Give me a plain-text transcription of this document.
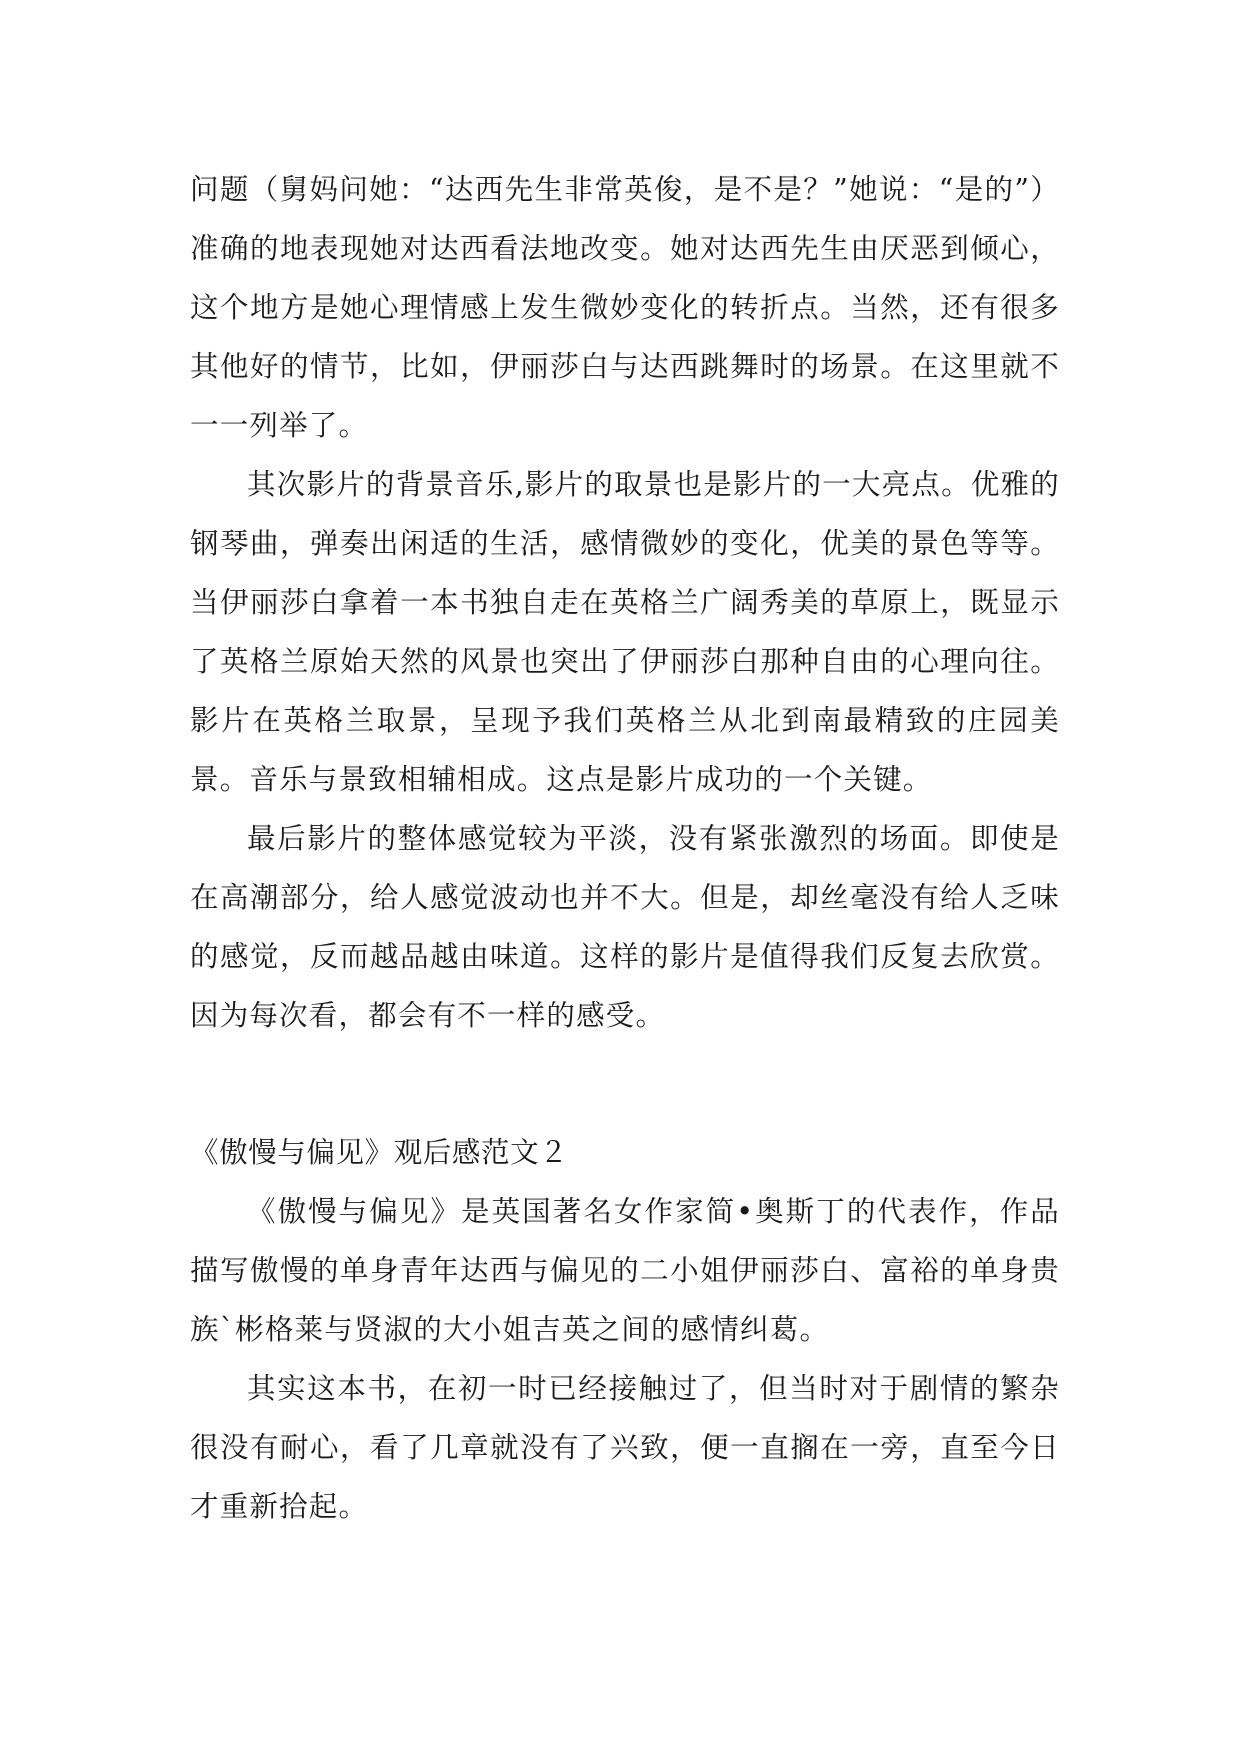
问题（舅妈问她：“达西先生非常英俊，是不是？”她说：“是的”）准确的地表现她对达西看法地改变。她对达西先生由厌恶到倾心，这个地方是她心理情感上发生微妙变化的转折点。当然，还有很多其他好的情节，比如，伊丽莎白与达西跳舞时的场景。在这里就不一一列举了。

其次影片的背景音乐,影片的取景也是影片的一大亮点。优雅的钢琴曲，弹奏出闲适的生活，感情微妙的变化，优美的景色等等。当伊丽莎白拿着一本书独自走在英格兰广阔秀美的草原上，既显示了英格兰原始天然的风景也突出了伊丽莎白那种自由的心理向往。影片在英格兰取景，呈现予我们英格兰从北到南最精致的庄园美景。音乐与景致相辅相成。这点是影片成功的一个关键。

最后影片的整体感觉较为平淡，没有紧张激烈的场面。即使是在高潮部分，给人感觉波动也并不大。但是，却丝毫没有给人乏味的感觉，反而越品越由味道。这样的影片是值得我们反复去欣赏。因为每次看，都会有不一样的感受。

《傲慢与偏见》观后感范文２

《傲慢与偏见》是英国著名女作家简•奥斯丁的代表作，作品描写傲慢的单身青年达西与偏见的二小姐伊丽莎白、富裕的单身贵族`彬格莱与贤淑的大小姐吉英之间的感情纠葛。

其实这本书，在初一时已经接触过了，但当时对于剧情的繁杂很没有耐心，看了几章就没有了兴致，便一直搁在一旁，直至今日才重新拾起。
